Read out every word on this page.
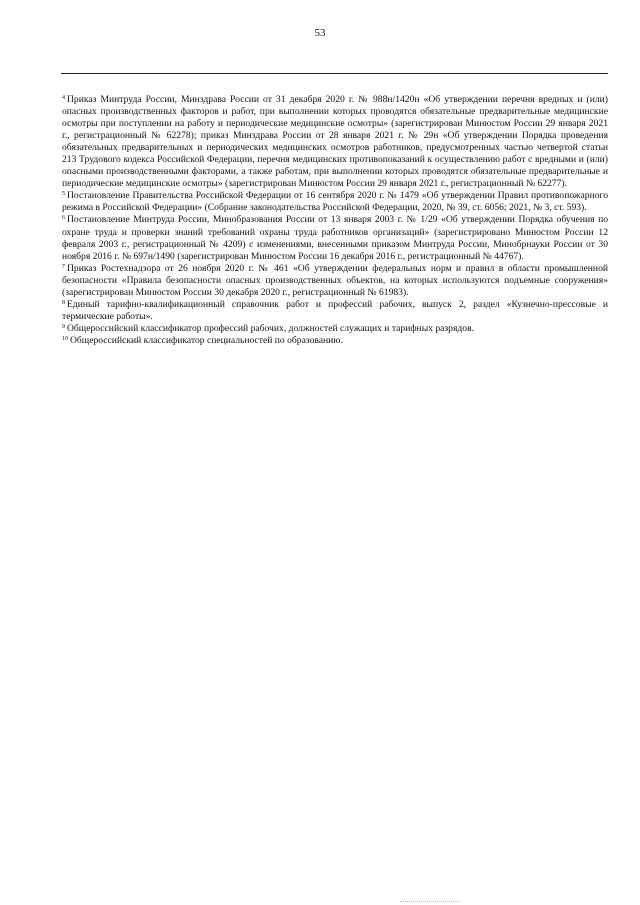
53

$^4$ Приказ Минтруда России, Минздрава России от 31 декабря 2020 г. № 988н/1420н «Об утверждении перечня вредных и (или) опасных производственных факторов и работ, при выполнении которых проводятся обязательные предварительные медицинские осмотры при поступлении на работу и периодические медицинские осмотры» (зарегистрирован Минюстом России 29 января 2021 г., регистрационный № 62278); приказ Минздрава России от 28 января 2021 г. № 29н «Об утверждении Порядка проведения обязательных предварительных и периодических медицинских осмотров работников, предусмотренных частью четвертой статьи 213 Трудового кодекса Российской Федерации, перечня медицинских противопоказаний к осуществлению работ с вредными и (или) опасными производственными факторами, а также работам, при выполнении которых проводятся обязательные предварительные и периодические медицинские осмотры» (зарегистрирован Минюстом России 29 января 2021 г., регистрационный № 62277).

$^5$ Постановление Правительства Российской Федерации от 16 сентября 2020 г. № 1479 «Об утверждении Правил противопожарного режима в Российской Федерации» (Собрание законодательства Российской Федерации, 2020, № 39, ст. 6056; 2021, № 3, ст. 593).

$^6$ Постановление Минтруда России, Минобразования России от 13 января 2003 г. № 1/29 «Об утверждении Порядка обучения по охране труда и проверки знаний требований охраны труда работников организаций» (зарегистрировано Минюстом России 12 февраля 2003 г., регистрационный № 4209) с изменениями, внесенными приказом Минтруда России, Минобрнауки России от 30 ноября 2016 г. № 697н/1490 (зарегистрирован Минюстом России 16 декабря 2016 г., регистрационный № 44767).

$^7$ Приказ Ростехнадзора от 26 ноября 2020 г. № 461 «Об утверждении федеральных норм и правил в области промышленной безопасности «Правила безопасности опасных производственных объектов, на которых используются подъемные сооружения» (зарегистрирован Минюстом России 30 декабря 2020 г., регистрационный № 61983).

$^8$ Единый тарифно-квалификационный справочник работ и профессий рабочих, выпуск 2, раздел «Кузнечно-прессовые и термические работы».

$^9$ Общероссийский классификатор профессий рабочих, должностей служащих и тарифных разрядов.

$^{10}$ Общероссийский классификатор специальностей по образованию.
